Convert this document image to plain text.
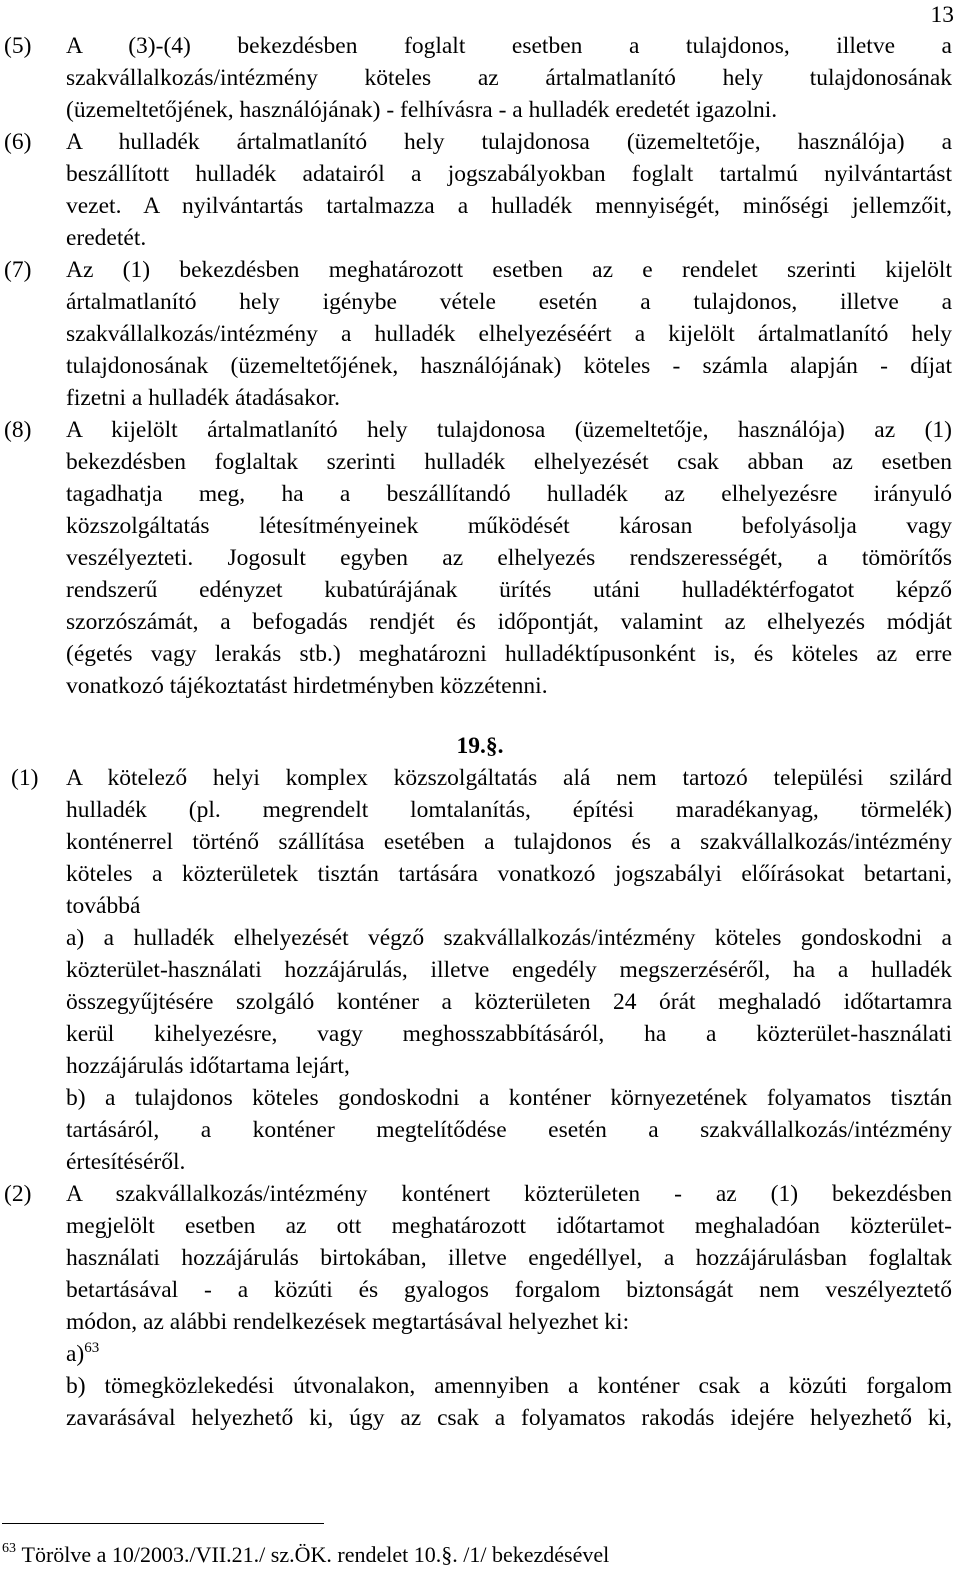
13
(5) A (3)-(4) bekezdésben foglalt esetben a tulajdonos, illetve a
szakvállalkozás/intézmény köteles az ártalmatlanító hely tulajdonosának
(üzemeltetőjének, használójának) - felhívásra - a hulladék eredetét igazolni.
(6) A hulladék ártalmatlanító hely tulajdonosa (üzemeltetője, használója) a
beszállított hulladék adatairól a jogszabályokban foglalt tartalmú nyilvántartást
vezet. A nyilvántartás tartalmazza a hulladék mennyiségét, minőségi jellemzőit,
eredetét.
(7) Az (1) bekezdésben meghatározott esetben az e rendelet szerinti kijelölt
ártalmatlanító hely igénybe vétele esetén a tulajdonos, illetve a
szakvállalkozás/intézmény a hulladék elhelyezéséért a kijelölt ártalmatlanító hely
tulajdonosának (üzemeltetőjének, használójának) köteles - számla alapján - díjat
fizetni a hulladék átadásakor.
(8) A kijelölt ártalmatlanító hely tulajdonosa (üzemeltetője, használója) az (1)
bekezdésben foglaltak szerinti hulladék elhelyezését csak abban az esetben
tagadhatja meg, ha a beszállítandó hulladék az elhelyezésre irányuló
közszolgáltatás létesítményeinek működését károsan befolyásolja vagy
veszélyezteti. Jogosult egyben az elhelyezés rendszerességét, a tömörítős
rendszerű edényzet kubatúrájának ürítés utáni hulladéktérfogatot képző
szorzószámát, a befogadás rendjét és időpontját, valamint az elhelyezés módját
(égetés vagy lerakás stb.) meghatározni hulladéktípusonként is, és köteles az erre
vonatkozó tájékoztatást hirdetményben közzétenni.
19.§.
(1) A kötelező helyi komplex közszolgáltatás alá nem tartozó települési szilárd
hulladék (pl. megrendelt lomtalanítás, építési maradékanyag, törmelék)
konténerrel történő szállítása esetében a tulajdonos és a szakvállalkozás/intézmény
köteles a közterületek tisztán tartására vonatkozó jogszabályi előírásokat betartani,
továbbá
a) a hulladék elhelyezését végző szakvállalkozás/intézmény köteles gondoskodni a
közterület-használati hozzájárulás, illetve engedély megszerzéséről, ha a hulladék
összegyűjtésére szolgáló konténer a közterületen 24 órát meghaladó időtartamra
kerül kihelyezésre, vagy meghosszabbításáról, ha a közterület-használati
hozzájárulás időtartama lejárt,
b) a tulajdonos köteles gondoskodni a konténer környezetének folyamatos tisztán
tartásáról, a konténer megtelítődése esetén a szakvállalkozás/intézmény
értesítéséről.
(2) A szakvállalkozás/intézmény konténert közterületen - az (1) bekezdésben
megjelölt esetben az ott meghatározott időtartamot meghaladóan közterület-
használati hozzájárulás birtokában, illetve engedéllyel, a hozzájárulásban foglaltak
betartásával - a közúti és gyalogos forgalom biztonságát nem veszélyeztető
módon, az alábbi rendelkezések megtartásával helyezhet ki:
a)$^{63}$
b) tömegközlekedési útvonalakon, amennyiben a konténer csak a közúti forgalom
zavarásával helyezhető ki, úgy az csak a folyamatos rakodás idejére helyezhető ki,
$^{63}$ Törölve a 10/2003./VII.21./ sz.ÖK. rendelet 10.§. /1/ bekezdésével
